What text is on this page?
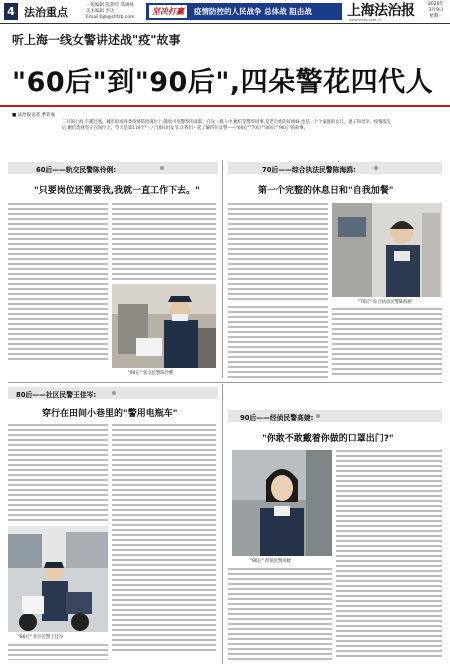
4 法治重点
一版编辑 陈梦吟 邵锡林
美术编辑 李达
Email:bjb@shfzb.com
坚决打赢	疫情防控的人民战争 总体战 阻击战	上海法治报
www.shfzb.com.cn
2020年
3月9日
星期一
听上海一线女警讲述战"疫"故事
"60后"到"90后",四朵警花四代人
■ 法治报记者 季钦豪
二月的上海,乍暖还寒。城市形成各类疫情防控岗位上,随处可见警察的身影。在这一群人中,她们是警察同事,是老百姓的好姐妹,也是一个个家庭的女儿、妻子和母亲。疫情发生后,她们选择坚守在岗位上。今天是第110个"三八"国际妇女节,让我们一起了解四位女警——"60后""70后""80后""90后"的故事。
60后——轨交民警陈伶俐:
"只要岗位还需要我,我就一直工作下去。"
"60后" 轨交民警陈伶俐
70后——综合执法民警陈海鸥:
第一个完整的休息日和"自我加餐"
"70后" 综合执法民警陈海鸥
80后——社区民警王佳岑:
穿行在田间小巷里的"警用电瓶车"
"80后" 社区民警王佳岑
90后——经侦民警高婕:
"你敢不敢戴着你做的口罩出门?"
"90后" 经侦民警高婕
